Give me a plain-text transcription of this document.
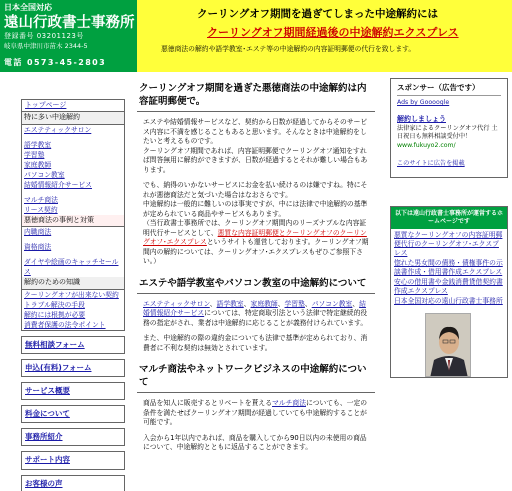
日本全国対応
遠山行政書士事務所
登録番号 03201123号
岐阜県中津川市苗木 2344-5
電話 0573-45-2803
クーリングオフ期間を過ぎてしまった中途解約には
クーリングオフ期間経過後の中途解約エクスプレス
悪徳商法の解約や語学教室･エステ等の中途解約の内容証明郵便の代行を致します。
トップページ
特に多い中途解約
エステティックサロン
語学教室
学習塾
家庭教師
パソコン教室
結婚情報紹介サービス
マルチ商法
リース契約
悪徳商法の事例と対策
内職商法
資格商法
ダイヤや絵画のキャッチセールス
解約のための知識
クーリングオフが出来ない契約
トラブル解決の手段
解約には根拠が必要
消費者保護の法令ポイント
無料相談フォーム
申込(有料)フォーム
サービス概要
料金について
事務所紹介
サポート内容
お客様の声
クーリングオフ期間を過ぎた悪徳商法の中途解約は内容証明郵便で。
エステや結婚情報サービスなど、契約から日数が経過してからそのサービス内容に不満を感じることもあると思います。そんなときは中途解約をしたいと考えるものです。
クーリングオフ期間であれば、内容証明郵便でクーリングオフ通知をすれば問答無用に解約ができますが、日数が経過するとそれが難しい場合もあります。
でも、納得のいかないサービスにお金を払い続けるのは嫌ですね。特にそれが悪徳商法だと気づいた場合はなおさらです。
中途解約は一般的に難しいのは事実ですが、中には法律で中途解約の基準が定められている商品やサービスもあります。
（当行政書士事務所では、クーリングオフ期間内のリーズナブルな内容証明代行サービスとして、悪質な内容証明郵便とクーリングオフのクーリングオフ･エクスプレスというサイトも運営しております。クーリングオフ期間内の解約については、クーリングオフ･エクスプレスもぜひご参照下さい。）
エステや語学教室やパソコン教室の中途解約について
エステティックサロン、語学教室、家庭教師、学習塾、パソコン教室、結婚情報紹介サービスについては、特定商取引法という法律で特定継続的役務の指定がされ、業者は中途解約に応じることが義務付けられています。
また、中途解約の際の違約金についても法律で基準が定められており、消費者に不利な契約は無効とされています。
マルチ商法やネットワークビジネスの中途解約について
商品を知人に販売するとリベートを貰えるマルチ商法についても、一定の条件を満たせばクーリングオフ期間が経過していても中途解約することが可能です。
入会から1年以内であれば、商品を購入してから90日以内の未使用の商品について、中途解約とともに返品することができます。
スポンサー（広告です）
Ads by Goooogle
解約しましょう
法律家によるクーリングオフ代行 土日祝日も無料相談受付中！
www.fukuyo2.com/
このサイトに広告を掲載
以下は遠山行政書士事務所が運営するホームページです
悪質なクーリングオフの内容証明郵便代行のクーリングオフ･エクスプレス
惚れた男女間の債務・債権事件の示談書作成・借用書作成エクスプレス
安心の借用書や金銭消費貸借契約書作成エクスプレス
日本全国対応の遠山行政書士事務所
